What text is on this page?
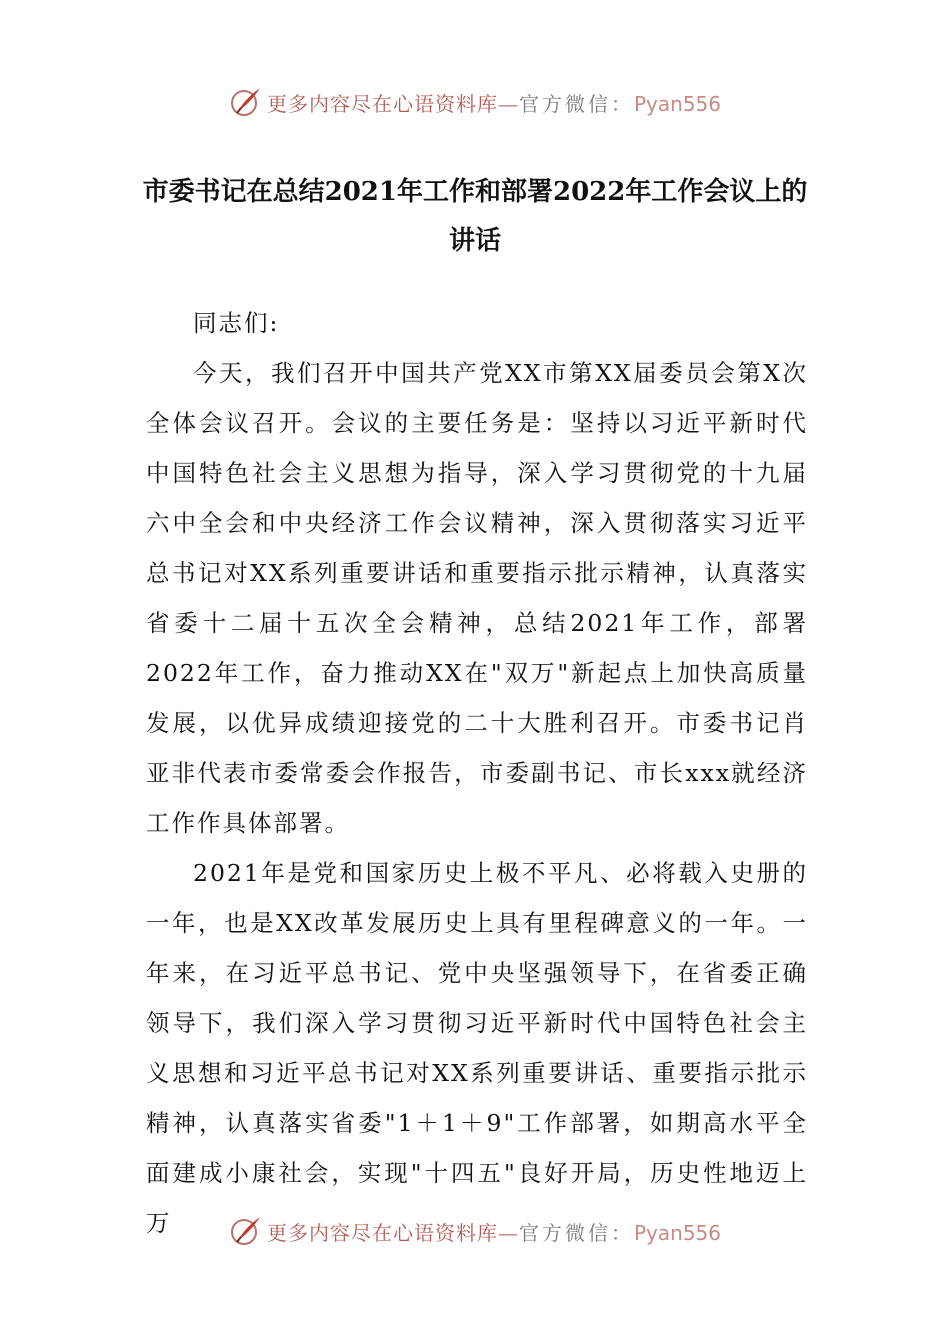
更多内容尽在心语资料库—官方微信：Pyan556
市委书记在总结2021年工作和部署2022年工作会议上的讲话

同志们:

今天，我们召开中国共产党XX市第XX届委员会第X次全体会议召开。会议的主要任务是：坚持以习近平新时代中国特色社会主义思想为指导，深入学习贯彻党的十九届六中全会和中央经济工作会议精神，深入贯彻落实习近平总书记对XX系列重要讲话和重要指示批示精神，认真落实省委十二届十五次全会精神，总结2021年工作，部署2022年工作，奋力推动XX在"双万"新起点上加快高质量发展，以优异成绩迎接党的二十大胜利召开。市委书记肖亚非代表市委常委会作报告，市委副书记、市长xxx就经济工作作具体部署。

2021年是党和国家历史上极不平凡、必将载入史册的一年，也是XX改革发展历史上具有里程碑意义的一年。一年来，在习近平总书记、党中央坚强领导下，在省委正确领导下，我们深入学习贯彻习近平新时代中国特色社会主义思想和习近平总书记对XX系列重要讲话、重要指示批示精神，认真落实省委"1＋1＋9"工作部署，如期高水平全面建成小康社会，实现"十四五"良好开局，历史性地迈上万	更多内容尽在心语资料库—官方微信：Pyan556
